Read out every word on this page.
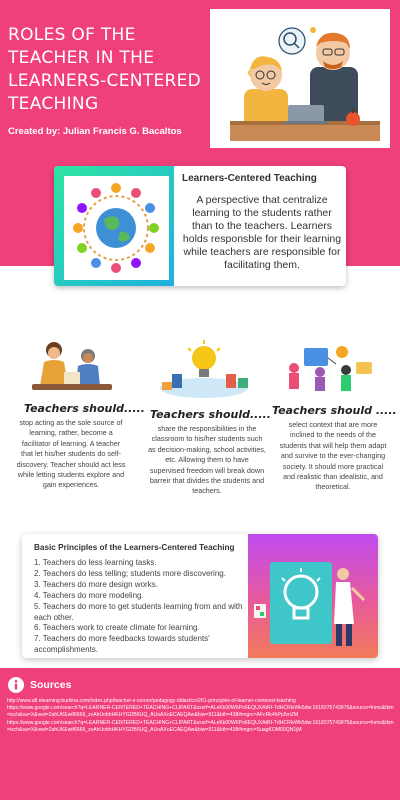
ROLES OF THE TEACHER IN THE LEARNERS-CENTERED TEACHING
Created by: Julian Francis G. Bacaltos
Learners-Centered Teaching
A perspective that centralize learning to the students rather than to the teachers. Learners holds responsble for their learning while teachers are responsible for facilitating them.
Teachers should.....
stop acting as the sole source of learning, rather, become a facilitator of learning. A teacher that let his/her students do self-discovery. Teacher should act less while letting students explore and gain experiences.
Teachers should.....
share the responsibilities in the classroom to his/her students such as decision-making, school activities, etc. Allowing them to have supervised freedom will break down barreir that divides the students and teachers.
Teachers should .....
select context that are more inclined to the needs of the students that will help them adapt and survive to the ever-changing society. It should more practical and realistic than idealistic, and theoretical.
Basic Principles of the Learners-Centered Teaching
1. Teachers do less learning tasks.
2. Teachers do less telling; students more discovering.
3. Teachers do more design works.
4. Teachers do more modeling.
5. Teachers do more to get students learning from and with each other.
6. Teachers work to create climate for learning.
7. Teachers do more feedbacks towards students' accomplishments.
Sources
http://www.afl.elearning-burkina.com/index.php/teacher-s-corner/pedagogy-didactics/261-principles-of-learner-centered-teaching
https://www.google.com/search?q=LEARNER-CENTERED+TEACHING+CLIPART&sxsrf=ALeKk00W6Po6EQUXAtRI-TdHCRlvWk5dw:1618375743875&source=lnms&tbm=isch&sa=X&ved=2ahUKEwif6669_zvAhUobhHKHYGDB6UQ_AUoAXoECAEQAw&biw=911&bih=438#imgrc=AFcRk4hPp5mZM
https://www.google.com/search?q=LEARNER-CENTERED+TEACHING+CLIPART&sxsrf=ALeKk00W6Po6EQUXAtRI-TdHCRlvWk5dw:1618375743875&source=lnms&tbm=isch&sa=X&ved=2ahUKEwif6669_zvAhUobhHKHYGDB6UQ_AUoAXoECAEQAw&biw=911&bih=438#imgrc=SuagKOM00QN1jM
